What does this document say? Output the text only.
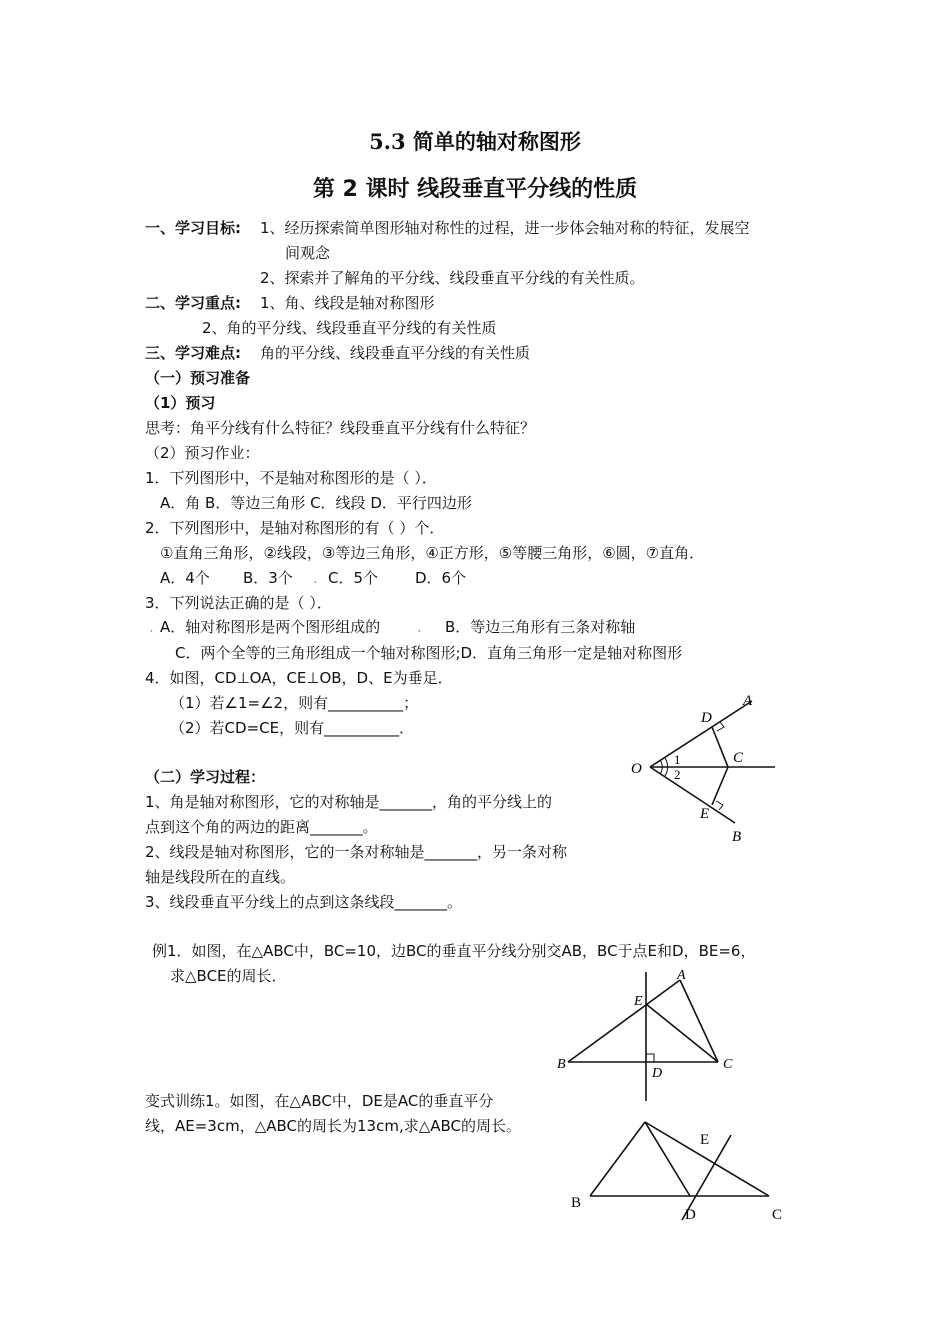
5.3 简单的轴对称图形
第 2 课时 线段垂直平分线的性质
一、学习目标: 1、经历探索简单图形轴对称性的过程，进一步体会轴对称的特征，发展空
间观念
2、探索并了解角的平分线、线段垂直平分线的有关性质。
二、学习重点: 1、角、线段是轴对称图形
2、角的平分线、线段垂直平分线的有关性质
三、学习难点: 角的平分线、线段垂直平分线的有关性质
（一）预习准备
（1）预习
思考：角平分线有什么特征？线段垂直平分线有什么特征？
（2）预习作业：
1．下列图形中，不是轴对称图形的是（ ）．
A．角 B．等边三角形 C．线段 D．平行四边形
2．下列图形中，是轴对称图形的有（ ）个．
①直角三角形，②线段，③等边三角形，④正方形，⑤等腰三角形，⑥圆，⑦直角．
A．4个 B．3个 . C．5个 D．6个
3．下列说法正确的是（ ）．
. A．轴对称图形是两个图形组成的 . B．等边三角形有三条对称轴
C．两个全等的三角形组成一个轴对称图形;D．直角三角形一定是轴对称图形
4．如图，CD⊥OA，CE⊥OB，D、E为垂足．
（1）若∠1=∠2，则有__________；
（2）若CD=CE，则有__________．
（二）学习过程：
1、角是轴对称图形，它的对称轴是_______，角的平分线上的
点到这个角的两边的距离_______。
2、线段是轴对称图形，它的一条对称轴是_______，另一条对称
轴是线段所在的直线。
3、线段垂直平分线上的点到这条线段_______。
例1．如图，在△ABC中，BC=10，边BC的垂直平分线分别交AB，BC于点E和D，BE=6，
求△BCE的周长．
变式训练1。如图，在△ABC中，DE是AC的垂直平分
线，AE=3cm，△ABC的周长为13cm,求△ABC的周长。
A
D
O
1
2
C
E
B
A
E
B	C
D
E
B
D	C
